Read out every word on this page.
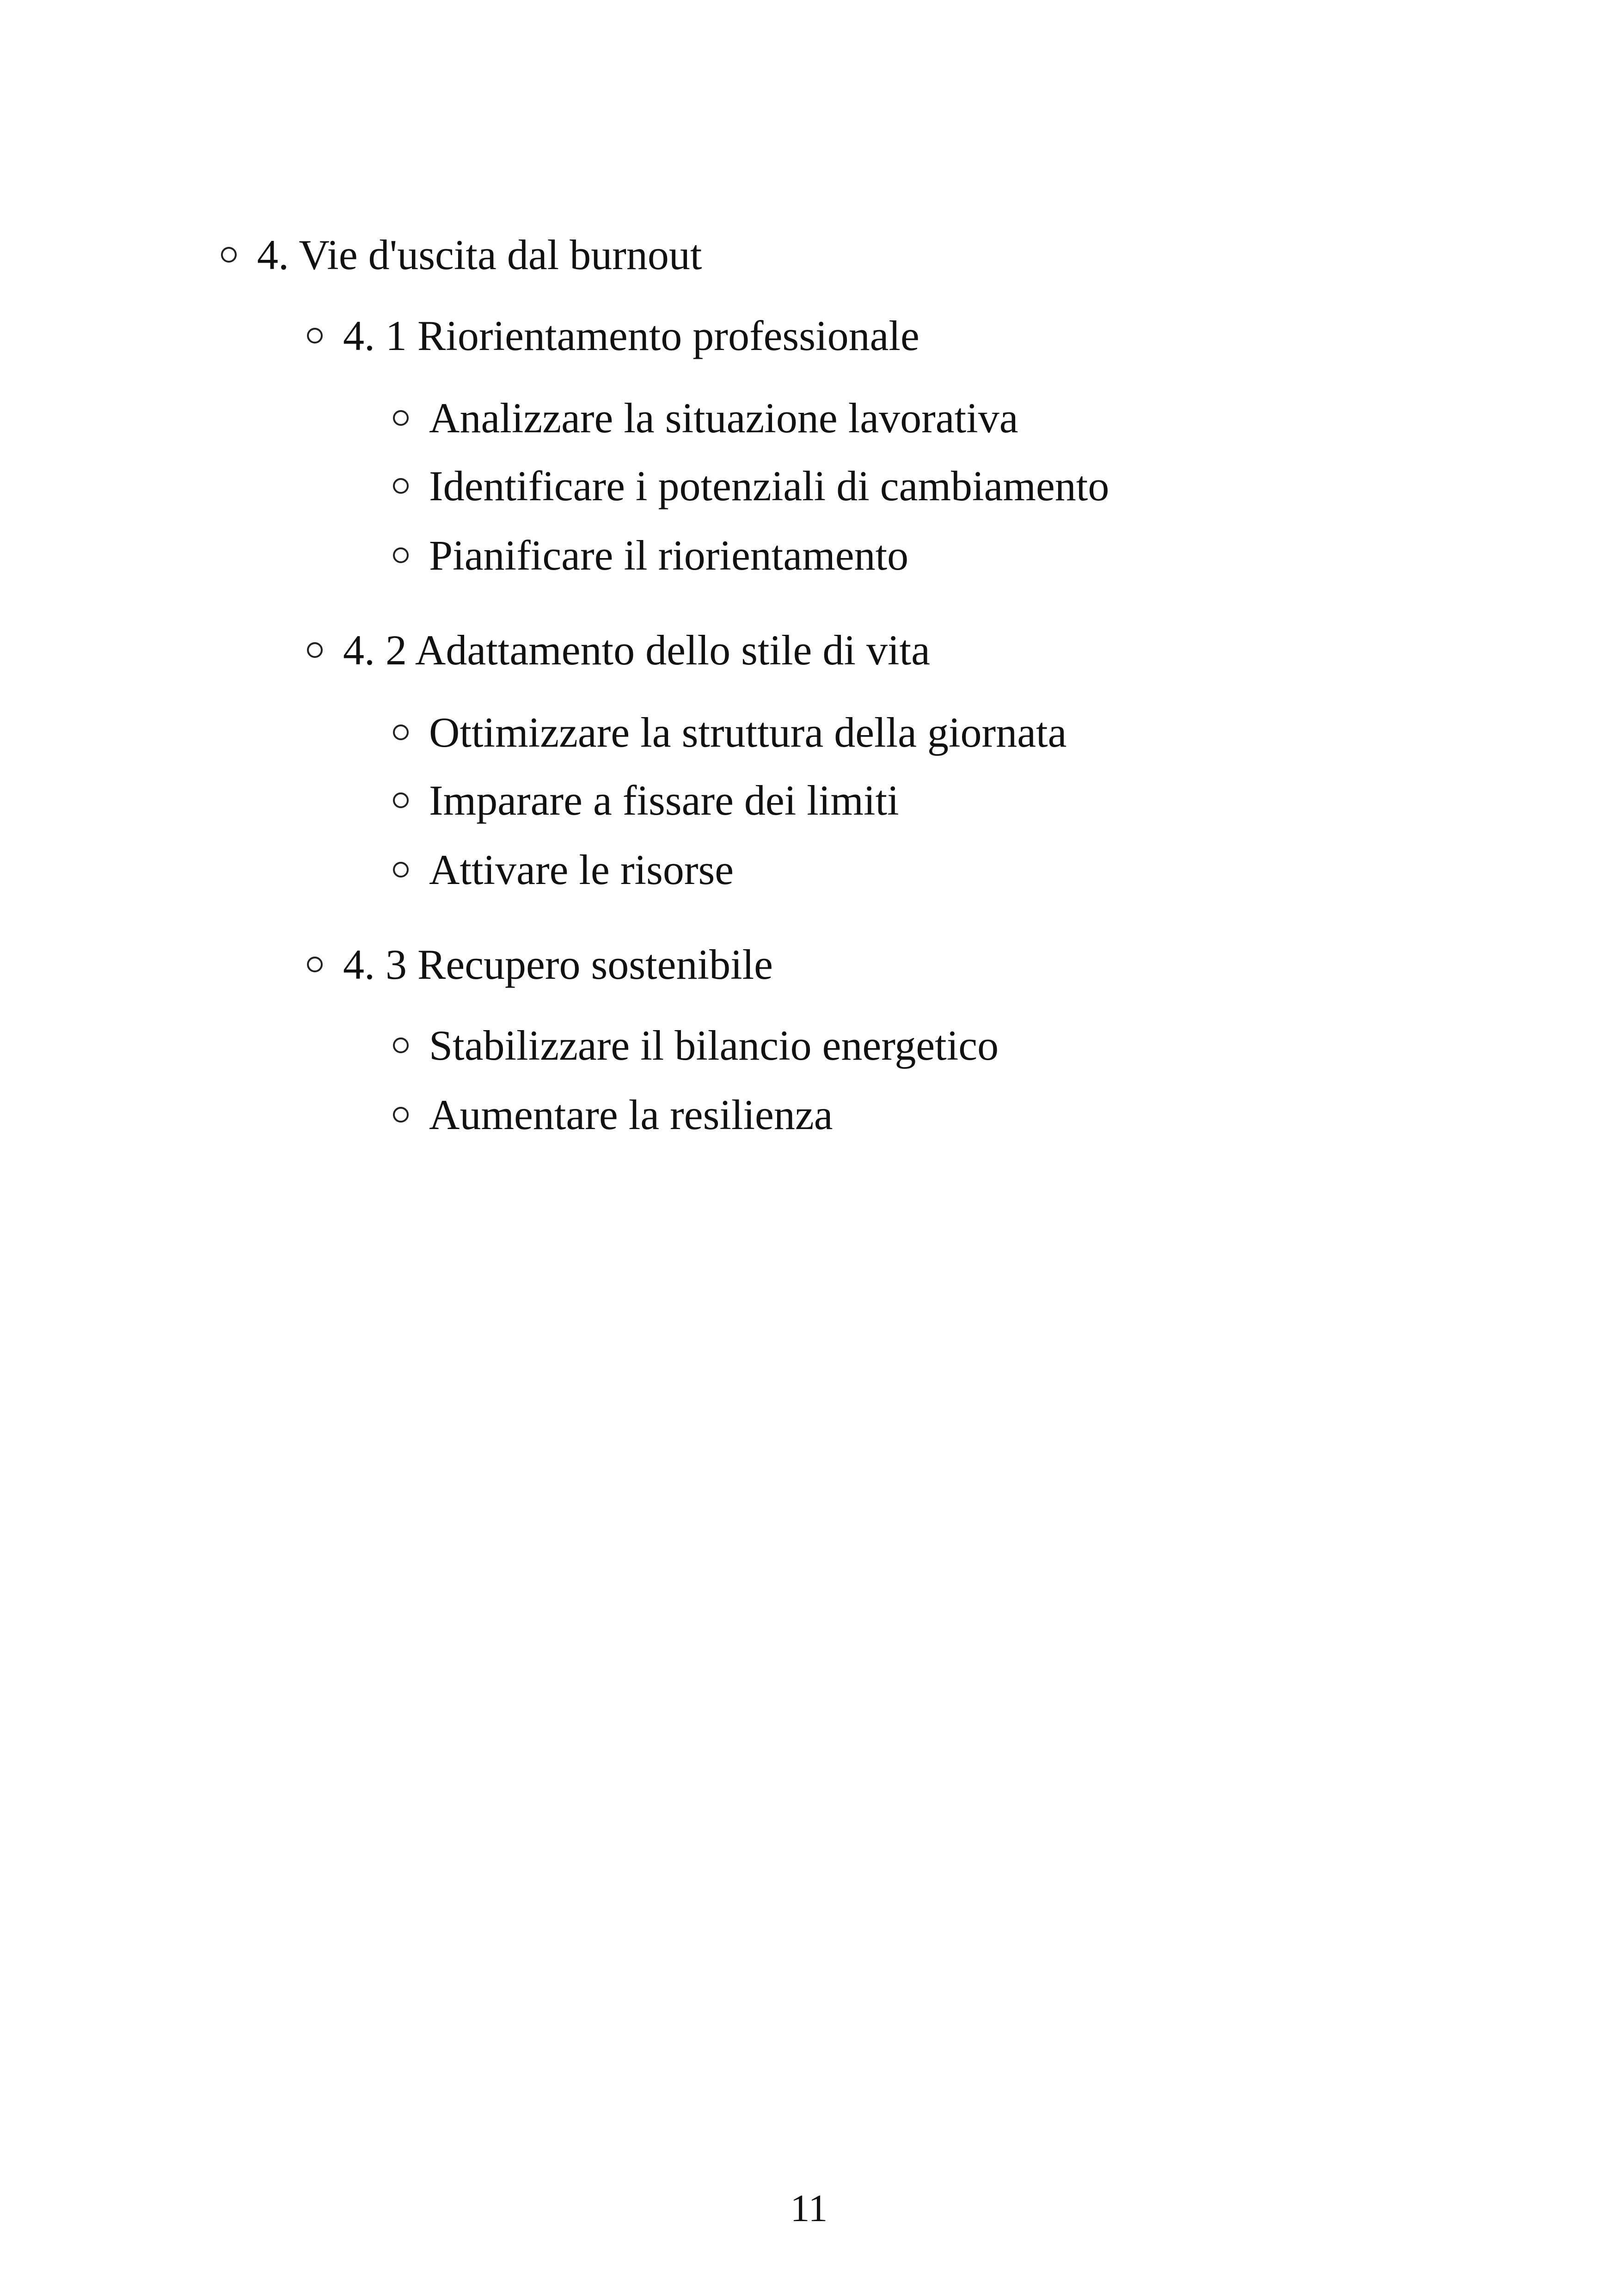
4. Vie d'uscita dal burnout
4. 1 Riorientamento professionale
Analizzare la situazione lavorativa
Identificare i potenziali di cambiamento
Pianificare il riorientamento
4. 2 Adattamento dello stile di vita
Ottimizzare la struttura della giornata
Imparare a fissare dei limiti
Attivare le risorse
4. 3 Recupero sostenibile
Stabilizzare il bilancio energetico
Aumentare la resilienza
11
